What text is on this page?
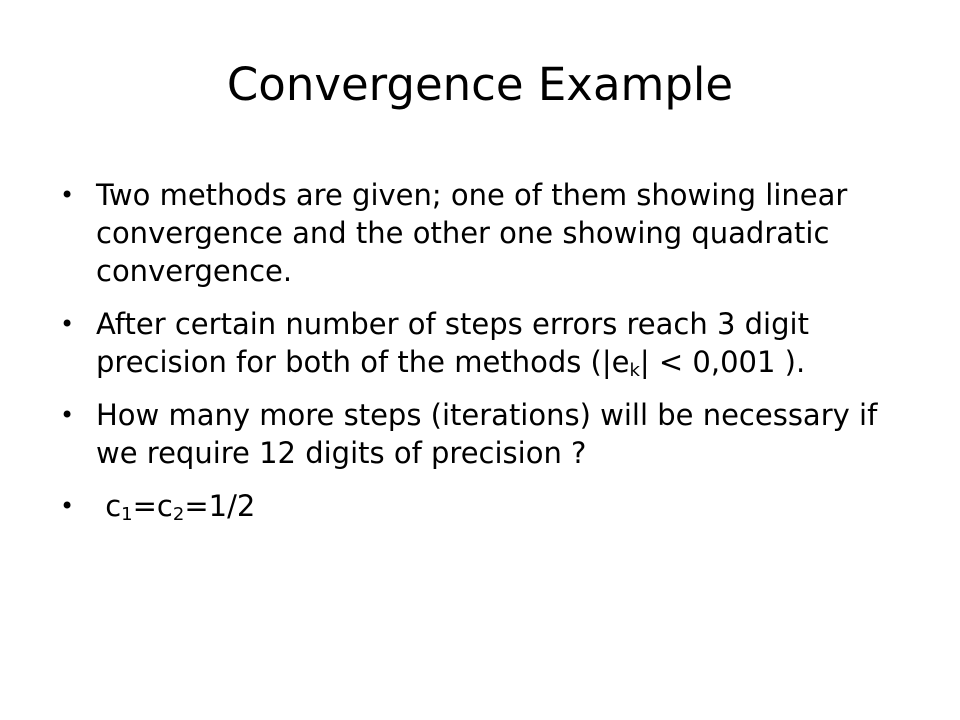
Convergence Example
• Two methods are given; one of them showing linear convergence and the other one showing quadratic convergence.
• After certain number of steps errors reach 3 digit precision for both of the methods ($|e_k| < 0,001$ ).
• How many more steps (iterations) will be necessary if we require 12 digits of precision ?
•	$c_1=c_2=1/2$
